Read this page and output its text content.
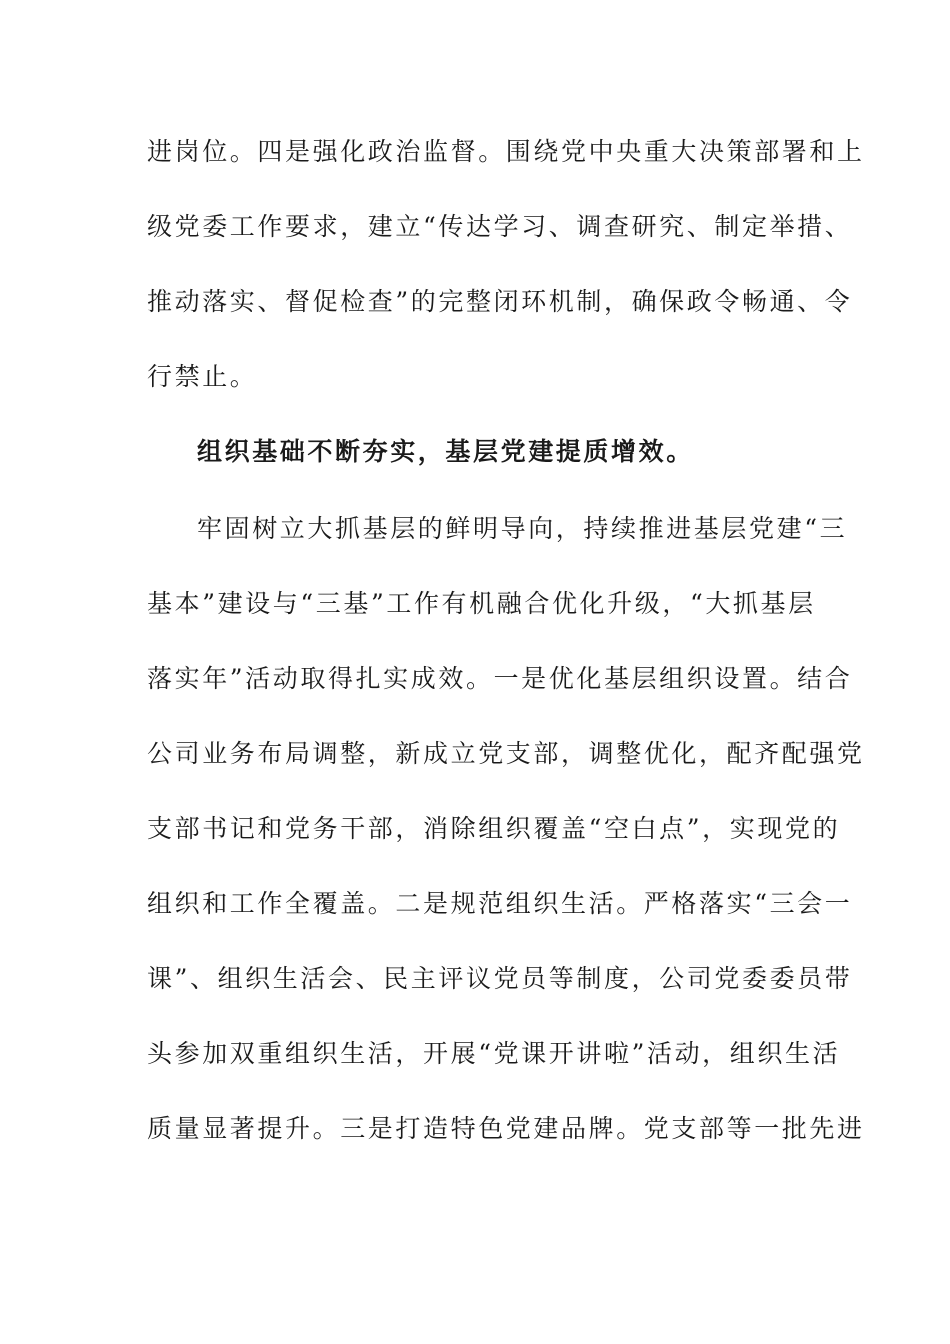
进岗位。四是强化政治监督。围绕党中央重大决策部署和上
级党委工作要求，建立“传达学习、调查研究、制定举措、
推动落实、督促检查”的完整闭环机制，确保政令畅通、令
行禁止。
组织基础不断夯实，基层党建提质增效。
牢固树立大抓基层的鲜明导向，持续推进基层党建“三
基本”建设与“三基”工作有机融合优化升级，“大抓基层
落实年”活动取得扎实成效。一是优化基层组织设置。结合
公司业务布局调整，新成立党支部，调整优化，配齐配强党
支部书记和党务干部，消除组织覆盖“空白点”，实现党的
组织和工作全覆盖。二是规范组织生活。严格落实“三会一
课”、组织生活会、民主评议党员等制度，公司党委委员带
头参加双重组织生活，开展“党课开讲啦”活动，组织生活
质量显著提升。三是打造特色党建品牌。党支部等一批先进
